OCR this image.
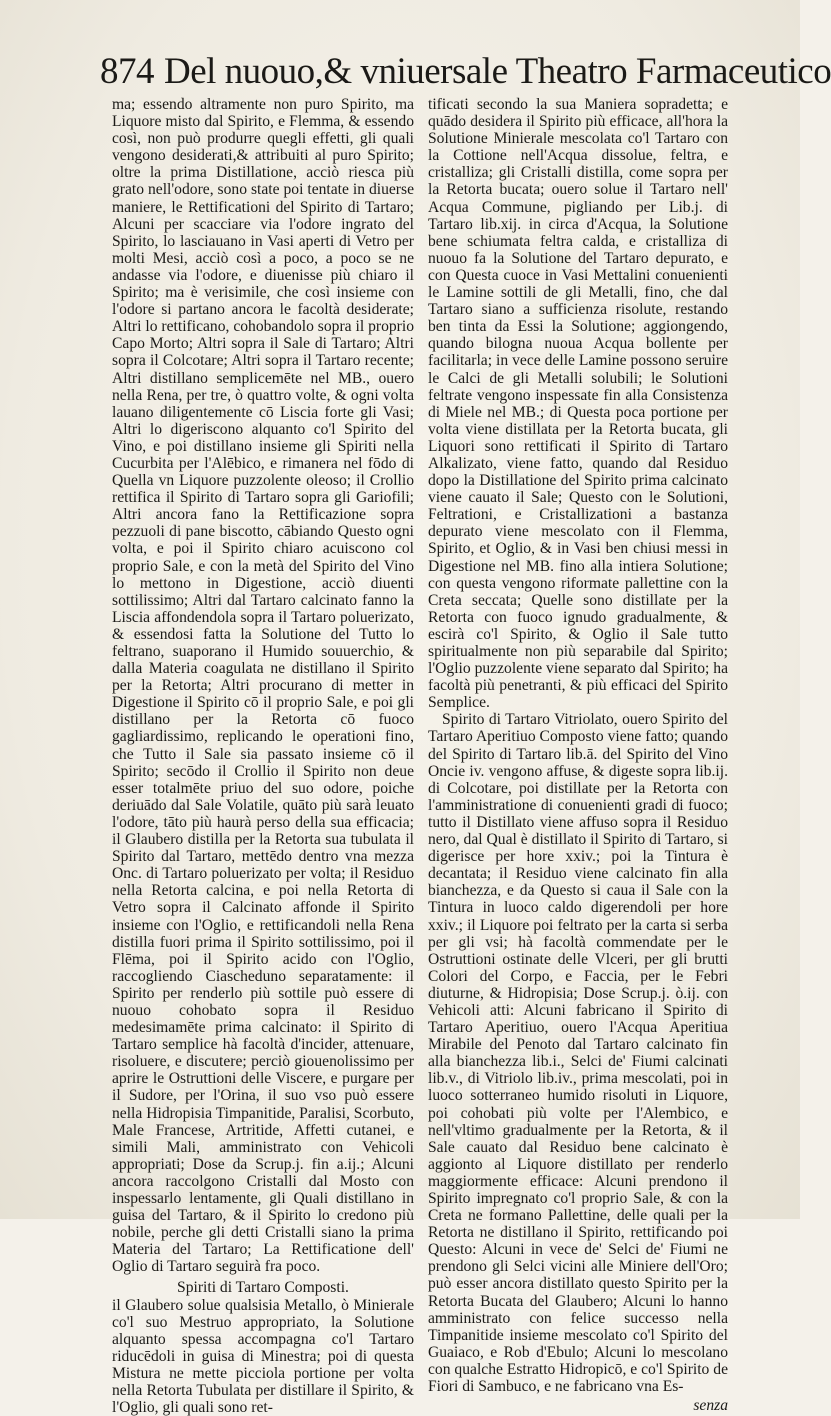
874 Del nuouo,& vniuersale Theatro Farmaceutico

ma; essendo altramente non puro Spirito, ma Liquore misto dal Spirito, e Flemma, & essendo così, non può produrre quegli effetti, gli quali vengono desiderati,& attribuiti al puro Spirito; oltre la prima Distillatione, acciò riesca più grato nell'odore, sono state poi tentate in diuerse maniere, le Rettificationi del Spirito di Tartaro; Alcuni per scacciare via l'odore ingrato del Spirito, lo lasciauano in Vasi aperti di Vetro per molti Mesi, acciò così a poco, a poco se ne andasse via l'odore, e diuenisse più chiaro il Spirito; ma è verisimile, che così insieme con l'odore si partano ancora le facoltà desiderate; Altri lo rettificano, cohobandolo sopra il proprio Capo Morto; Altri sopra il Sale di Tartaro; Altri sopra il Colcotare; Altri sopra il Tartaro recente; Altri distillano semplicemēte nel MB., ouero nella Rena, per tre, ò quattro volte, & ogni volta lauano diligentemente cō Liscia forte gli Vasi; Altri lo digeriscono alquanto co'l Spirito del Vino, e poi distillano insieme gli Spiriti nella Cucurbita per l'Alēbico, e rimanera nel fōdo di Quella vn Liquore puzzolente oleoso; il Crollio rettifica il Spirito di Tartaro sopra gli Gariofili; Altri ancora fano la Rettificazione sopra pezzuoli di pane biscotto, cābiando Questo ogni volta, e poi il Spirito chiaro acuiscono col proprio Sale, e con la metà del Spirito del Vino lo mettono in Digestione, acciò diuenti sottilissimo; Altri dal Tartaro calcinato fanno la Liscia affondendola sopra il Tartaro poluerizato, & essendosi fatta la Solutione del Tutto lo feltrano, suaporano il Humido souuerchio, & dalla Materia coagulata ne distillano il Spirito per la Retorta; Altri procurano di metter in Digestione il Spirito cō il proprio Sale, e poi gli distillano per la Retorta cō fuoco gagliardissimo, replicando le operationi fino, che Tutto il Sale sia passato insieme cō il Spirito; secōdo il Crollio il Spirito non deue esser totalmēte priuo del suo odore, poiche deriuādo dal Sale Volatile, quāto più sarà leuato l'odore, tāto più haurà perso della sua efficacia; il Glaubero distilla per la Retorta sua tubulata il Spirito dal Tartaro, mettēdo dentro vna mezza Onc. di Tartaro poluerizato per volta; il Residuo nella Retorta calcina, e poi nella Retorta di Vetro sopra il Calcinato affonde il Spirito insieme con l'Oglio, e rettificandoli nella Rena distilla fuori prima il Spirito sottilissimo, poi il Flēma, poi il Spirito acido con l'Oglio, raccogliendo Ciascheduno separatamente: il Spirito per renderlo più sottile può essere di nuouo cohobato sopra il Residuo medesimamēte prima calcinato: il Spirito di Tartaro semplice hà facoltà d'incider, attenuare, risoluere, e discutere; perciò giouenolissimo per aprire le Ostruttioni delle Viscere, e purgare per il Sudore, per l'Orina, il suo vso può essere nella Hidropisia Timpanitide, Paralisi, Scorbuto, Male Francese, Artritide, Affetti cutanei, e simili Mali, amministrato con Vehicoli appropriati; Dose da Scrup.j. fin a.ij.; Alcuni ancora raccolgono Cristalli dal Mosto con inspessarlo lentamente, gli Quali distillano in guisa del Tartaro, & il Spirito lo credono più nobile, perche gli detti Cristalli siano la prima Materia del Tartaro; La Rettificatione dell' Oglio di Tartaro seguirà fra poco.

Spiriti di Tartaro Composti.

il Glaubero solue qualsisia Metallo, ò Minierale co'l suo Mestruo appropriato, la Solutione alquanto spessa accompagna co'l Tartaro riducēdoli in guisa di Minestra; poi di questa Mistura ne mette picciola portione per volta nella Retorta Tubulata per distillare il Spirito, & l'Oglio, gli quali sono ret-

tificati secondo la sua Maniera sopradetta; e quādo desidera il Spirito più efficace, all'hora la Solutione Minierale mescolata co'l Tartaro con la Cottione nell'Acqua dissolue, feltra, e cristalliza; gli Cristalli distilla, come sopra per la Retorta bucata; ouero solue il Tartaro nell' Acqua Commune, pigliando per Lib.j. di Tartaro lib.xij. in circa d'Acqua, la Solutione bene schiumata feltra calda, e cristalliza di nuouo fa la Solutione del Tartaro depurato, e con Questa cuoce in Vasi Mettalini conuenienti le Lamine sottili de gli Metalli, fino, che dal Tartaro siano a sufficienza risolute, restando ben tinta da Essi la Solutione; aggiongendo, quando bilogna nuoua Acqua bollente per facilitarla; in vece delle Lamine possono seruire le Calci de gli Metalli solubili; le Solutioni feltrate vengono inspessate fin alla Consistenza di Miele nel MB.; di Questa poca portione per volta viene distillata per la Retorta bucata, gli Liquori sono rettificati il Spirito di Tartaro Alkalizato, viene fatto, quando dal Residuo dopo la Distillatione del Spirito prima calcinato viene cauato il Sale; Questo con le Solutioni, Feltrationi, e Cristallizationi a bastanza depurato viene mescolato con il Flemma, Spirito, et Oglio, & in Vasi ben chiusi messi in Digestione nel MB. fino alla intiera Solutione; con questa vengono riformate pallettine con la Creta seccata; Quelle sono distillate per la Retorta con fuoco ignudo gradualmente, & escirà co'l Spirito, & Oglio il Sale tutto spiritualmente non più separabile dal Spirito; l'Oglio puzzolente viene separato dal Spirito; ha facoltà più penetranti, & più efficaci del Spirito Semplice.

Spirito di Tartaro Vitriolato, ouero Spirito del Tartaro Aperitiuo Composto viene fatto; quando del Spirito di Tartaro lib.ā. del Spirito del Vino Oncie iv. vengono affuse, & digeste sopra lib.ij. di Colcotare, poi distillate per la Retorta con l'amministratione di conuenienti gradi di fuoco; tutto il Distillato viene affuso sopra il Residuo nero, dal Qual è distillato il Spirito di Tartaro, si digerisce per hore xxiv.; poi la Tintura è decantata; il Residuo viene calcinato fin alla bianchezza, e da Questo si caua il Sale con la Tintura in luoco caldo digerendoli per hore xxiv.; il Liquore poi feltrato per la carta si serba per gli vsi; hà facoltà commendate per le Ostruttioni ostinate delle Vlceri, per gli brutti Colori del Corpo, e Faccia, per le Febri diuturne, & Hidropisia; Dose Scrup.j. ò.ij. con Vehicoli atti: Alcuni fabricano il Spirito di Tartaro Aperitiuo, ouero l'Acqua Aperitiua Mirabile del Penoto dal Tartaro calcinato fin alla bianchezza lib.i., Selci de' Fiumi calcinati lib.v., di Vitriolo lib.iv., prima mescolati, poi in luoco sotterraneo humido risoluti in Liquore, poi cohobati più volte per l'Alembico, e nell'vltimo gradualmente per la Retorta, & il Sale cauato dal Residuo bene calcinato è aggionto al Liquore distillato per renderlo maggiormente efficace: Alcuni prendono il Spirito impregnato co'l proprio Sale, & con la Creta ne formano Pallettine, delle quali per la Retorta ne distillano il Spirito, rettificando poi Questo: Alcuni in vece de' Selci de' Fiumi ne prendono gli Selci vicini alle Miniere dell'Oro; può esser ancora distillato questo Spirito per la Retorta Bucata del Glaubero; Alcuni lo hanno amministrato con felice successo nella Timpanitide insieme mescolato co'l Spirito del Guaiaco, e Rob d'Ebulo; Alcuni lo mescolano con qualche Estratto Hidropicō, e co'l Spirito de Fiori di Sambuco, e ne fabricano vna Es-

senza
